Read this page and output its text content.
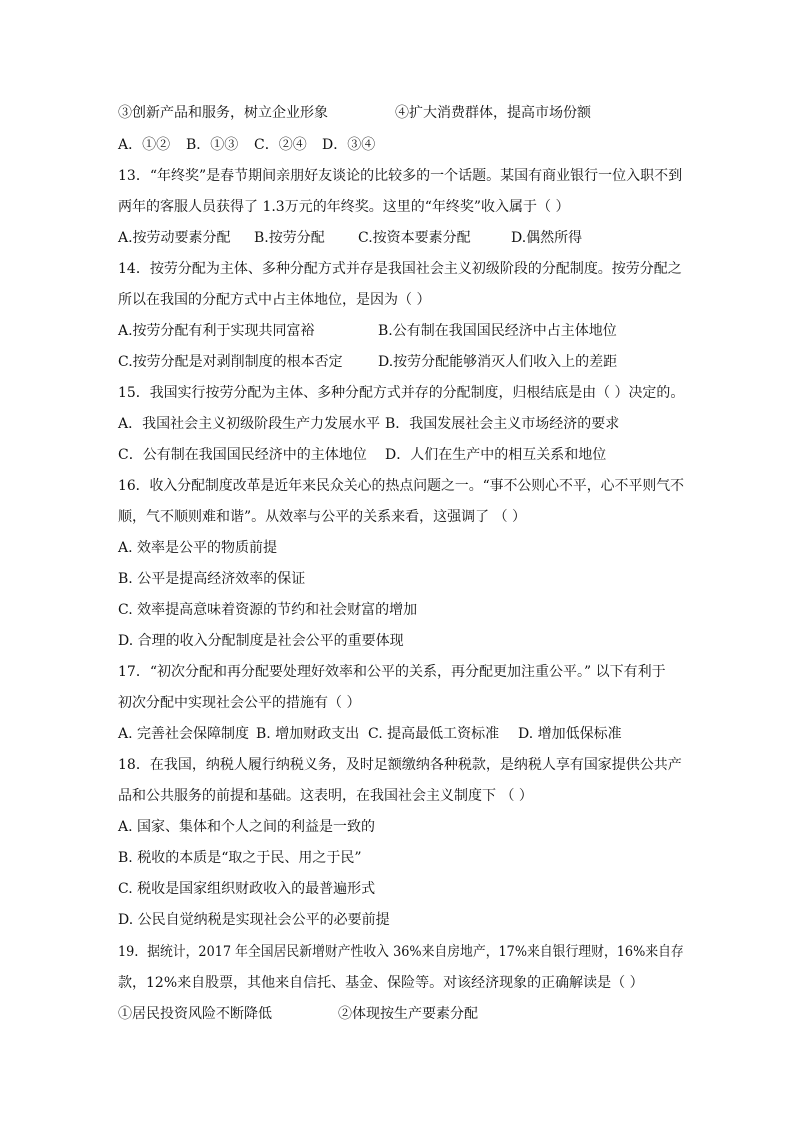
③创新产品和服务，树立企业形象	④扩大消费群体，提高市场份额
A．①② B．①③ C．②④ D．③④
13．“年终奖”是春节期间亲朋好友谈论的比较多的一个话题。某国有商业银行一位入职不到
两年的客服人员获得了 1.3万元的年终奖。这里的“年终奖”收入属于（ ）
A.按劳动要素分配 B.按劳分配 C.按资本要素分配	D.偶然所得
14．按劳分配为主体、多种分配方式并存是我国社会主义初级阶段的分配制度。按劳分配之
所以在我国的分配方式中占主体地位，是因为（ ）
A.按劳分配有利于实现共同富裕	B.公有制在我国国民经济中占主体地位
C.按劳分配是对剥削制度的根本否定	D.按劳分配能够消灭人们收入上的差距
15．我国实行按劳分配为主体、多种分配方式并存的分配制度，归根结底是由（ ）决定的。
A．我国社会主义初级阶段生产力发展水平 B．我国发展社会主义市场经济的要求
C．公有制在我国国民经济中的主体地位 D．人们在生产中的相互关系和地位
16．收入分配制度改革是近年来民众关心的热点问题之一。“事不公则心不平，心不平则气不
顺，气不顺则难和谐”。从效率与公平的关系来看，这强调了 （ ）
A. 效率是公平的物质前提
B. 公平是提高经济效率的保证
C. 效率提高意味着资源的节约和社会财富的增加
D. 合理的收入分配制度是社会公平的重要体现
17．“初次分配和再分配要处理好效率和公平的关系，再分配更加注重公平。” 以下有利于
初次分配中实现社会公平的措施有（ ）
A. 完善社会保障制度 B. 增加财政支出 C. 提高最低工资标准 D. 增加低保标准
18．在我国，纳税人履行纳税义务，及时足额缴纳各种税款，是纳税人享有国家提供公共产
品和公共服务的前提和基础。这表明，在我国社会主义制度下 （ ）
A. 国家、集体和个人之间的利益是一致的
B. 税收的本质是“取之于民、用之于民”
C. 税收是国家组织财政收入的最普遍形式
D. 公民自觉纳税是实现社会公平的必要前提
19．据统计，2017 年全国居民新增财产性收入 36%来自房地产，17%来自银行理财，16%来自存
款，12%来自股票，其他来自信托、基金、保险等。对该经济现象的正确解读是（ ）
①居民投资风险不断降低	②体现按生产要素分配
